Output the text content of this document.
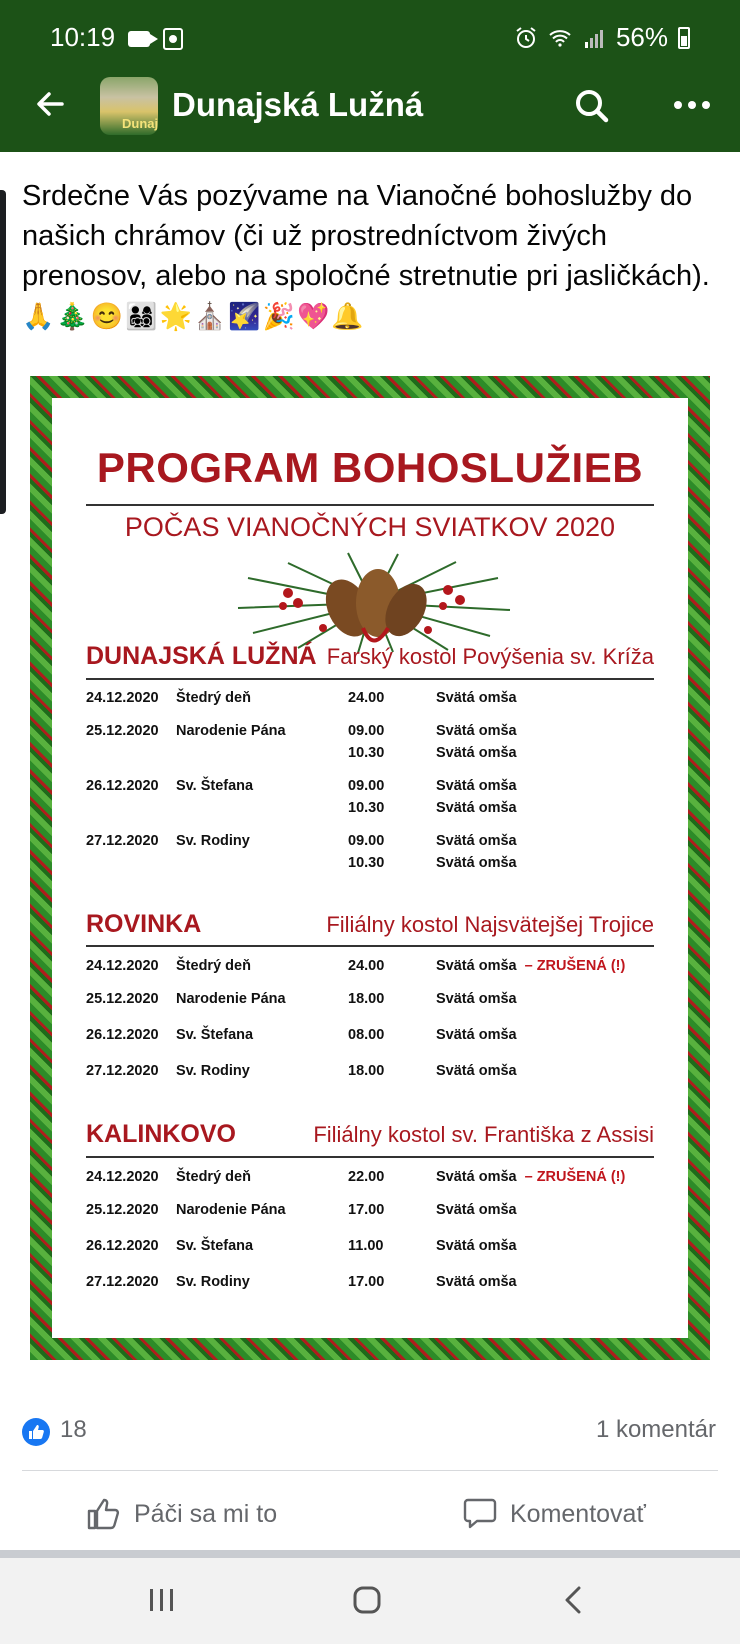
10:19	56%
Dunaj
Dunajská Lužná
Srdečne Vás pozývame na Vianočné bohoslužby do našich chrámov (či už prostredníctvom živých prenosov, alebo na spoločné stretnutie pri jasličkách). 🙏🎄😊👨‍👩‍👧‍👦🌟⛪🌠🎉💖🔔
PROGRAM BOHOSLUŽIEB
POČAS VIANOČNÝCH SVIATKOV 2020
DUNAJSKÁ LUŽNÁ Farský kostol Povýšenia sv. Kríža
24.12.2020 Štedrý deň	24.00	Svätá omša
25.12.2020 Narodenie Pána	09.00	Svätá omša
10.30	Svätá omša
26.12.2020 Sv. Štefana	09.00	Svätá omša
10.30	Svätá omša
27.12.2020 Sv. Rodiny	09.00	Svätá omša
10.30	Svätá omša
ROVINKA	Filiálny kostol Najsvätejšej Trojice
24.12.2020 Štedrý deň	24.00	Svätá omša – ZRUŠENÁ (!)
25.12.2020 Narodenie Pána	18.00	Svätá omša
26.12.2020 Sv. Štefana	08.00	Svätá omša
27.12.2020 Sv. Rodiny	18.00	Svätá omša
KALINKOVO	Filiálny kostol sv. Františka z Assisi
24.12.2020 Štedrý deň	22.00	Svätá omša – ZRUŠENÁ (!)
25.12.2020 Narodenie Pána	17.00	Svätá omša
26.12.2020 Sv. Štefana	11.00	Svätá omša
27.12.2020 Sv. Rodiny	17.00	Svätá omša
18	1 komentár
Páči sa mi to	Komentovať
